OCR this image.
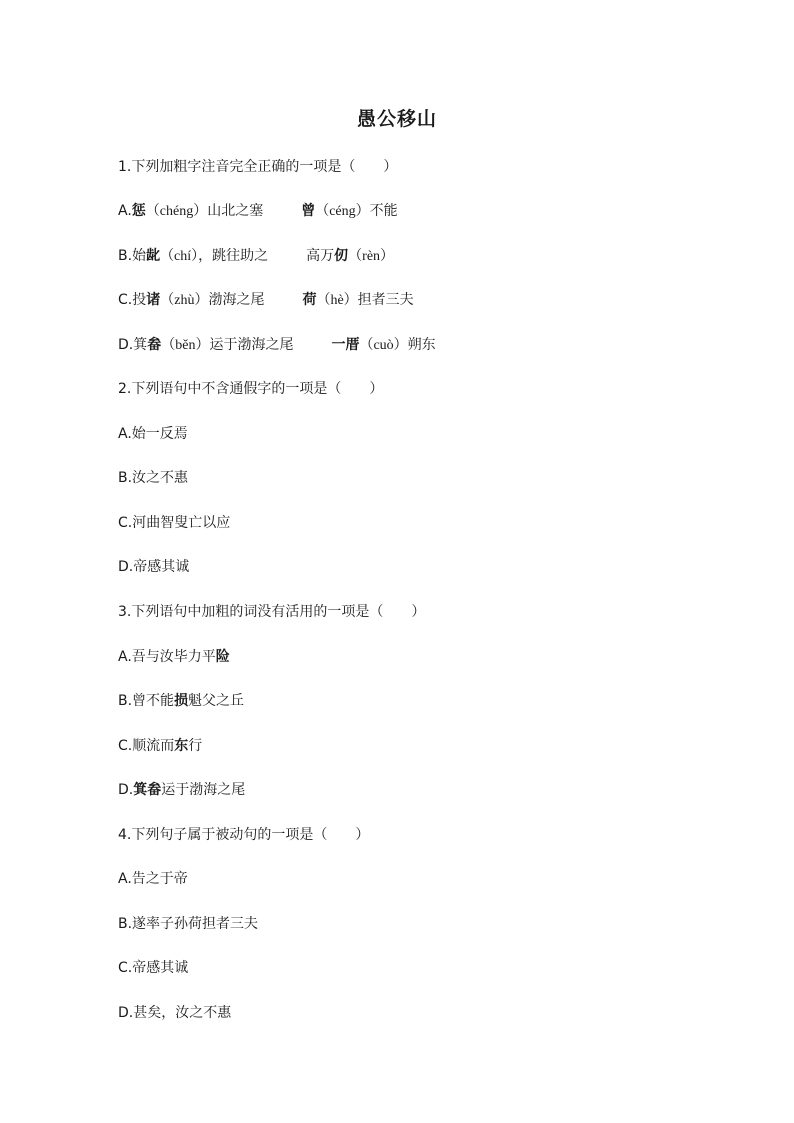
愚公移山
1.下列加粗字注音完全正确的一项是（　　）
A.惩（chéng）山北之塞	曾（céng）不能
B.始龀（chí），跳往助之	高万仞（rèn）
C.投诸（zhù）渤海之尾	荷（hè）担者三夫
D.箕畚（běn）运于渤海之尾	一厝（cuò）朔东
2.下列语句中不含通假字的一项是（　　）
A.始一反焉
B.汝之不惠
C.河曲智叟亡以应
D.帝感其诚
3.下列语句中加粗的词没有活用的一项是（　　）
A.吾与汝毕力平险
B.曾不能损魁父之丘
C.顺流而东行
D.箕畚运于渤海之尾
4.下列句子属于被动句的一项是（　　）
A.告之于帝
B.遂率子孙荷担者三夫
C.帝感其诚
D.甚矣，汝之不惠
